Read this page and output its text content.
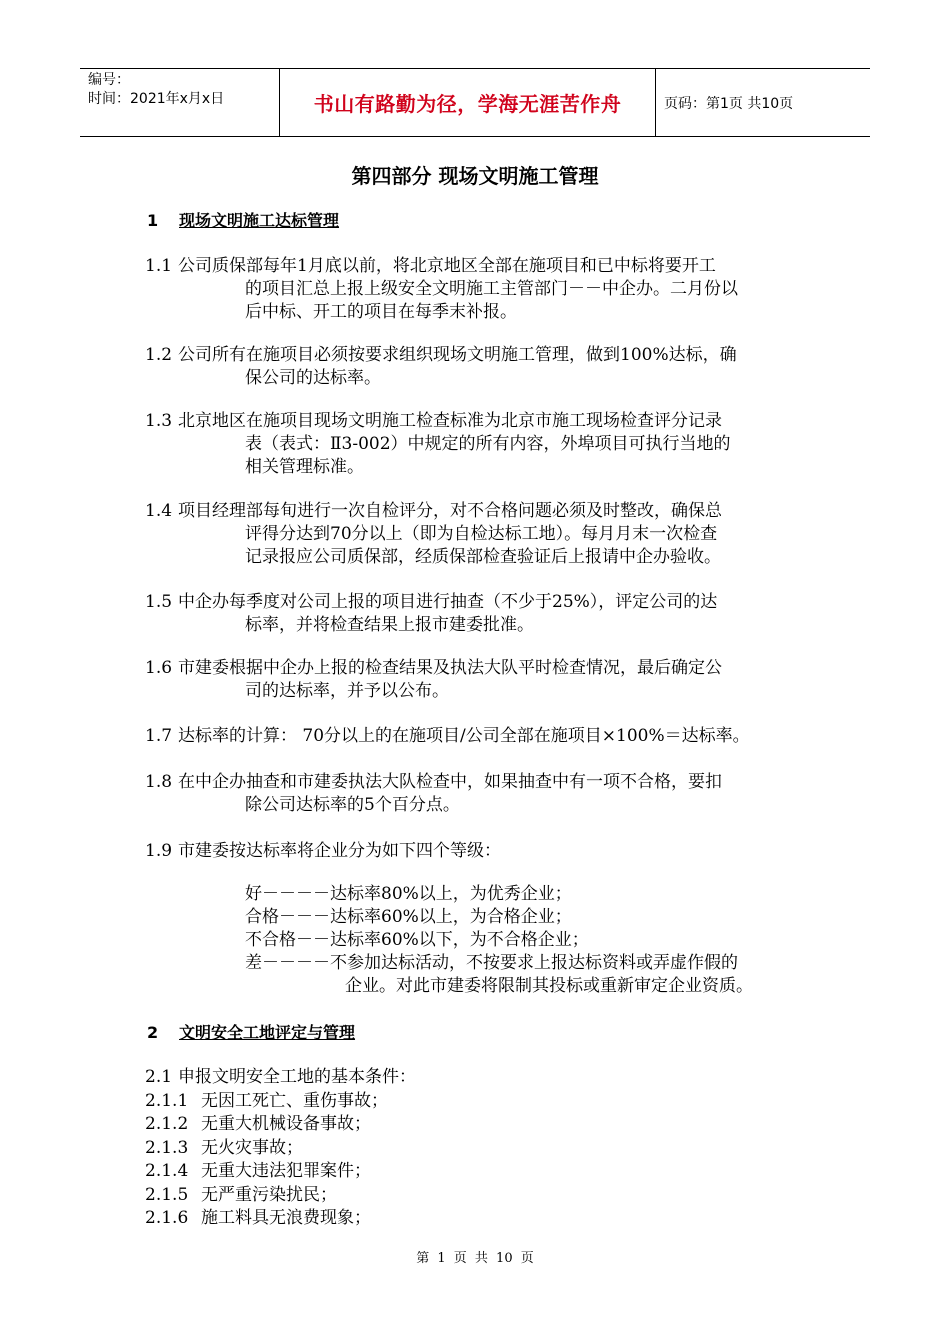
编号：
时间：2021年x月x日	书山有路勤为径，学海无涯苦作舟	页码：第1页 共10页
第四部分 现场文明施工管理
1 现场文明施工达标管理
1.1 公司质保部每年1月底以前，将北京地区全部在施项目和已中标将要开工
的项目汇总上报上级安全文明施工主管部门－－中企办。二月份以
后中标、开工的项目在每季末补报。
1.2 公司所有在施项目必须按要求组织现场文明施工管理，做到100%达标，确
保公司的达标率。
1.3 北京地区在施项目现场文明施工检查标准为北京市施工现场检查评分记录
表（表式：Ⅱ3-002）中规定的所有内容，外埠项目可执行当地的
相关管理标准。
1.4 项目经理部每旬进行一次自检评分，对不合格问题必须及时整改，确保总
评得分达到70分以上（即为自检达标工地）。每月月末一次检查
记录报应公司质保部，经质保部检查验证后上报请中企办验收。
1.5 中企办每季度对公司上报的项目进行抽查（不少于25%），评定公司的达
标率，并将检查结果上报市建委批准。
1.6 市建委根据中企办上报的检查结果及执法大队平时检查情况，最后确定公
司的达标率，并予以公布。
1.7 达标率的计算： 70分以上的在施项目/公司全部在施项目×100%＝达标率。
1.8 在中企办抽查和市建委执法大队检查中，如果抽查中有一项不合格，要扣
除公司达标率的5个百分点。
1.9 市建委按达标率将企业分为如下四个等级：
好－－－－达标率80%以上，为优秀企业；
合格－－－达标率60%以上，为合格企业；
不合格－－达标率60%以下，为不合格企业；
差－－－－不参加达标活动，不按要求上报达标资料或弄虚作假的
企业。对此市建委将限制其投标或重新审定企业资质。
2 文明安全工地评定与管理
2.1 申报文明安全工地的基本条件：
2.1.1 无因工死亡、重伤事故；
2.1.2 无重大机械设备事故；
2.1.3 无火灾事故；
2.1.4 无重大违法犯罪案件；
2.1.5 无严重污染扰民；
2.1.6 施工料具无浪费现象；
第 1 页 共 10 页
